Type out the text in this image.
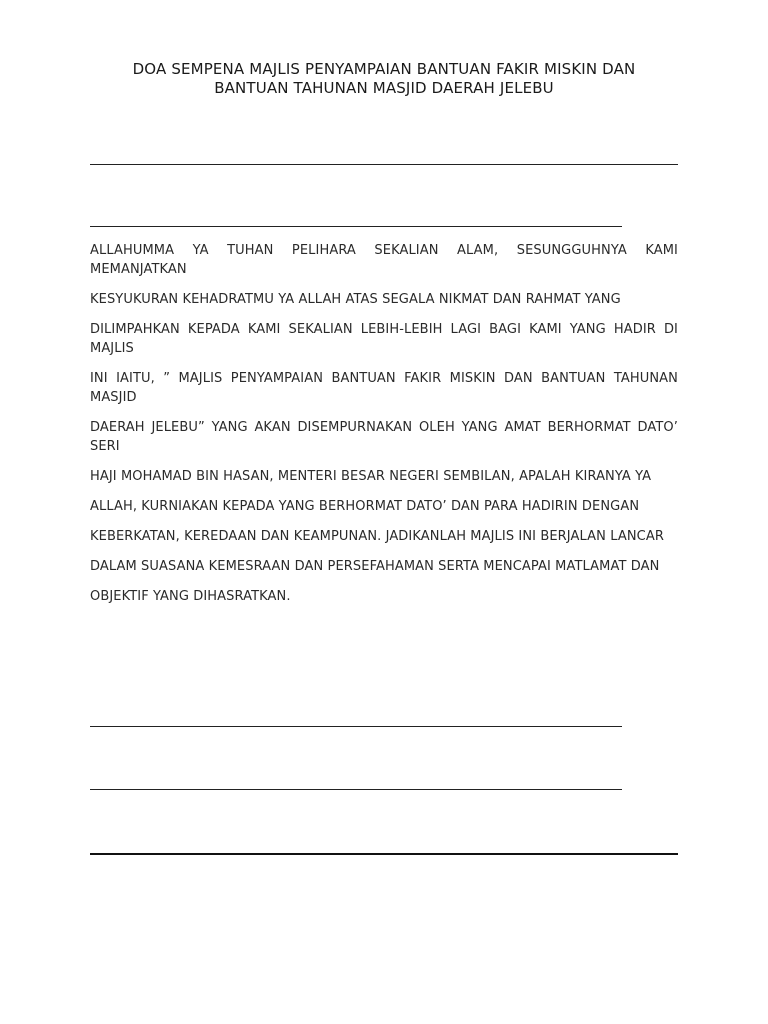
DOA SEMPENA MAJLIS PENYAMPAIAN BANTUAN FAKIR MISKIN DAN
BANTUAN TAHUNAN MASJID DAERAH JELEBU

ALLAHUMMA YA TUHAN PELIHARA SEKALIAN ALAM, SESUNGGUHNYA KAMI MEMANJATKAN

KESYUKURAN KEHADRATMU YA ALLAH ATAS SEGALA NIKMAT DAN RAHMAT YANG

DILIMPAHKAN KEPADA KAMI SEKALIAN LEBIH-LEBIH LAGI BAGI KAMI YANG HADIR DI MAJLIS

INI IAITU, ” MAJLIS PENYAMPAIAN BANTUAN FAKIR MISKIN DAN BANTUAN TAHUNAN MASJID

DAERAH JELEBU” YANG AKAN DISEMPURNAKAN OLEH YANG AMAT BERHORMAT DATO’ SERI

HAJI MOHAMAD BIN HASAN, MENTERI BESAR NEGERI SEMBILAN, APALAH KIRANYA YA

ALLAH, KURNIAKAN KEPADA YANG BERHORMAT DATO’ DAN PARA HADIRIN DENGAN

KEBERKATAN, KEREDAAN DAN KEAMPUNAN. JADIKANLAH MAJLIS INI BERJALAN LANCAR

DALAM SUASANA KEMESRAAN DAN PERSEFAHAMAN SERTA MENCAPAI MATLAMAT DAN

OBJEKTIF YANG DIHASRATKAN.
